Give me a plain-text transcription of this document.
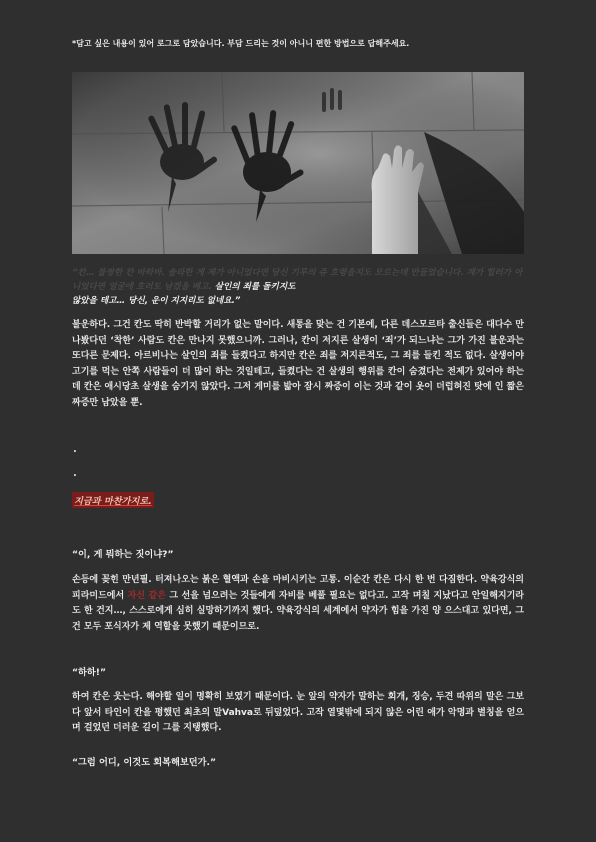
*담고 싶은 내용이 있어 로그로 담았습니다. 부담 드리는 것이 아니니 편한 방법으로 답해주세요.
“칸… 불쌍한 칸 바하바. 솔라한 게 제가 아니었다면 당신 기루의 쥬 흐령을지도 모르는데 만들었습니다. 계가 힐러가 아니었다면 얼굴에 흐러도 남겠을 베고. 살인의 죄를 돌키지도
않았을 테고… 당신, 운이 지지리도 없네요.”
불운하다. 그건 칸도 딱히 반박할 거리가 없는 말이다. 새통을 맞는 건 기본에, 다른 데스모르타 출신들은 대다수 만나봤다던 ‘착한’ 사람도 칸은 만나지 못했으니까. 그러나, 칸이 저지른 살생이 ‘죄’가 되느냐는 그가 가진 불운과는 또다른 문제다. 아르비나는 살인의 죄를 들켰다고 하지만 칸은 죄를 저지른적도, 그 죄를 들킨 적도 없다. 살생이야 고기를 먹는 안쪽 사람들이 더 많이 하는 것일테고, 들켰다는 건 살생의 행위를 칸이 숨겼다는 전제가 있어야 하는데 칸은 애시당초 살생을 숨기지 않았다. 그저 게미를 밟아 잠시 짜증이 이는 것과 같이 옷이 더럽혀진 탓에 인 짧은 짜증만 남았을 뿐.
.
.
지금과 마찬가지로.
“이, 게 뭐하는 짓이냐?”
손등에 꽂힌 만년필. 터져나오는 붉은 혈액과 손을 마비시키는 고통. 이순간 칸은 다시 한 번 다짐한다. 약육강식의 피라미드에서 자신 같은 그 선을 넘으려는 것들에게 자비를 베풀 필요는 없다고. 고작 며칠 지났다고 안일해지기라도 한 건지…, 스스로에게 심히 실망하기까지 했다. 약육강식의 세계에서 약자가 힘을 가진 양 으스대고 있다면, 그건 모두 포식자가 제 역할을 못했기 때문이므로.
“하하!”
하여 칸은 웃는다. 해야할 일이 명확히 보였기 때문이다. 눈 앞의 약자가 말하는 회개, 징승, 두견 따위의 말은 그보다 앞서 타인이 칸을 평했던 최초의 말Vahva로 뒤덮었다. 고작 열몇밖에 되지 않은 어린 애가 악명과 별칭을 얻으며 걸었던 더러운 길이 그를 지탱했다.
“그럼 어디, 이것도 회복해보던가.”
